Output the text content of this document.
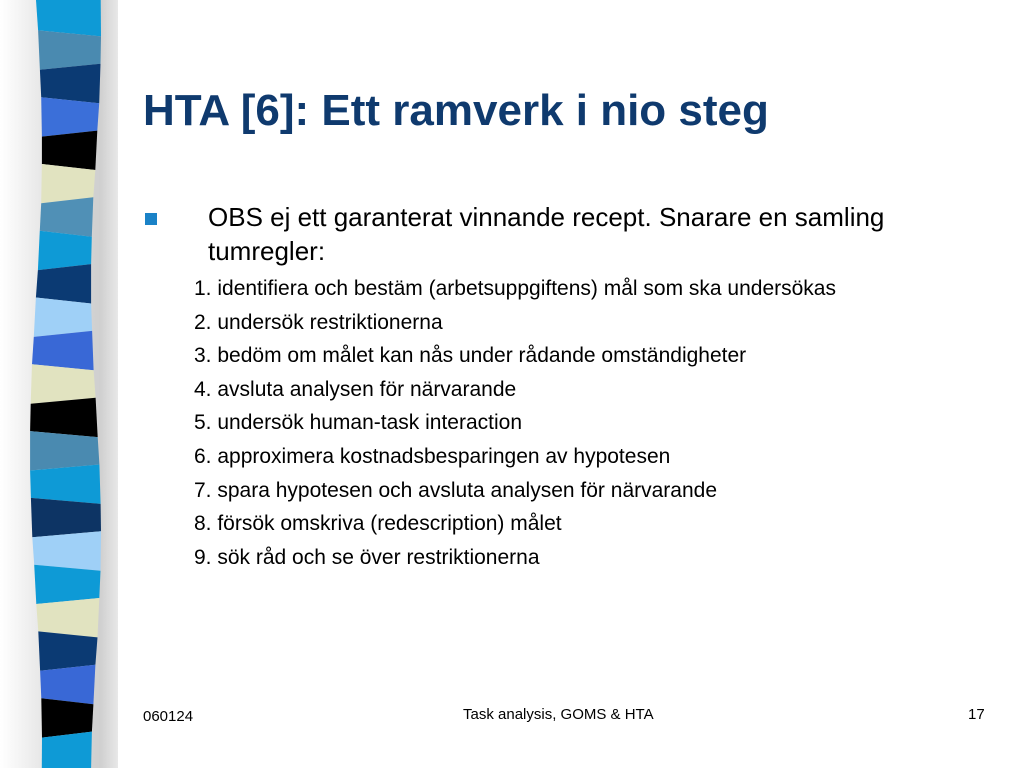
HTA [6]: Ett ramverk i nio steg
OBS ej ett garanterat vinnande recept. Snarare en samling tumregler:
1. identifiera och bestäm (arbetsuppgiftens) mål som ska undersökas
2. undersök restriktionerna
3. bedöm om målet kan nås under rådande omständigheter
4. avsluta analysen för närvarande
5. undersök human-task interaction
6. approximera kostnadsbesparingen av hypotesen
7. spara hypotesen och avsluta analysen för närvarande
8. försök omskriva (redescription) målet
9. sök råd och se över restriktionerna
060124	Task analysis, GOMS & HTA	17
